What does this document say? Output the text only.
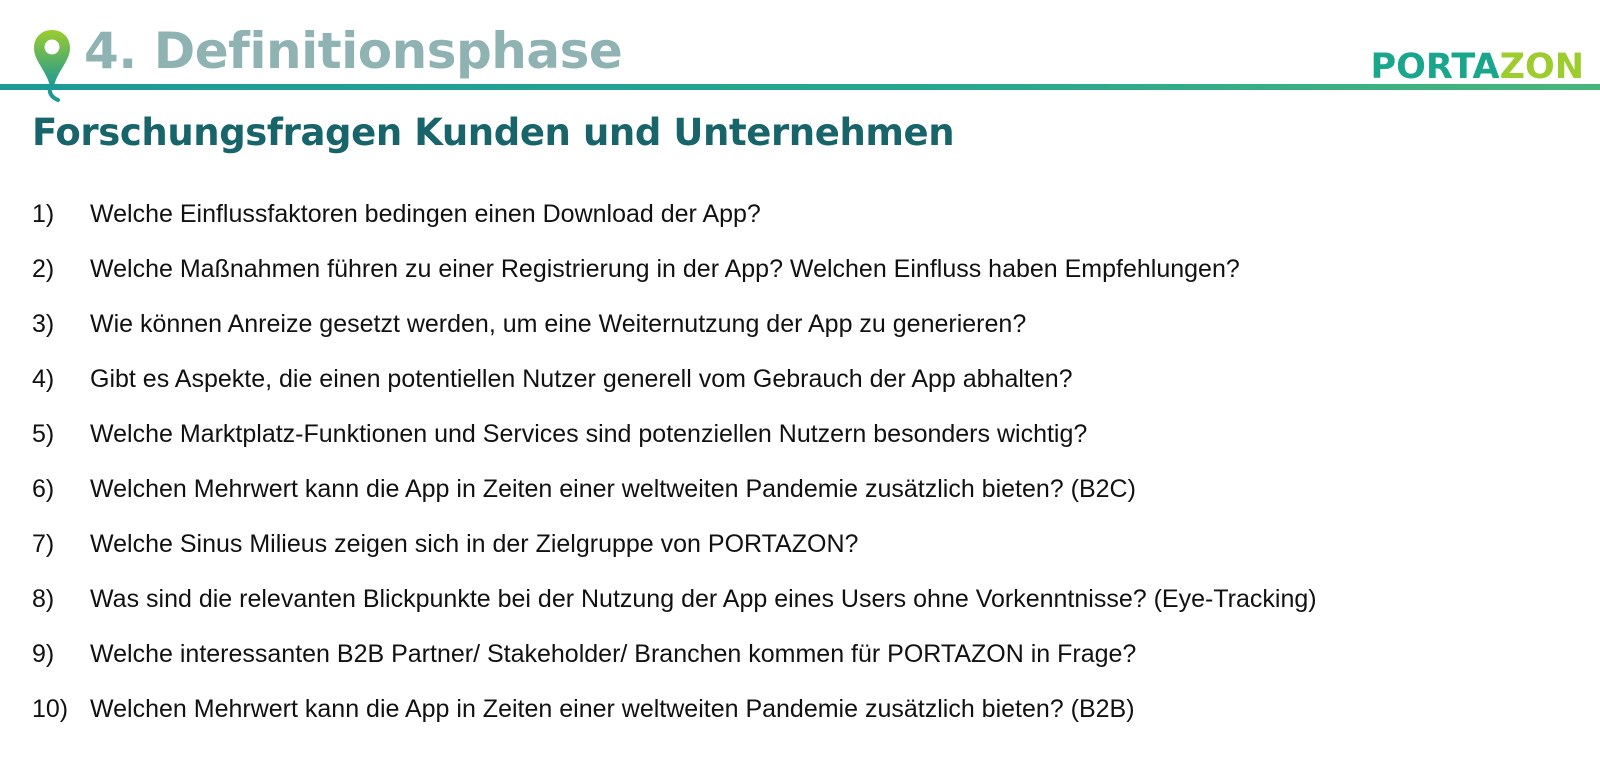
4. Definitionsphase	PORTAZON
Forschungsfragen Kunden und Unternehmen
1)	Welche Einflussfaktoren bedingen einen Download der App?
2)	Welche Maßnahmen führen zu einer Registrierung in der App? Welchen Einfluss haben Empfehlungen?
3)	Wie können Anreize gesetzt werden, um eine Weiternutzung der App zu generieren?
4)	Gibt es Aspekte, die einen potentiellen Nutzer generell vom Gebrauch der App abhalten?
5)	Welche Marktplatz-Funktionen und Services sind potenziellen Nutzern besonders wichtig?
6)	Welchen Mehrwert kann die App in Zeiten einer weltweiten Pandemie zusätzlich bieten? (B2C)
7)	Welche Sinus Milieus zeigen sich in der Zielgruppe von PORTAZON?
8)	Was sind die relevanten Blickpunkte bei der Nutzung der App eines Users ohne Vorkenntnisse? (Eye-Tracking)
9)	Welche interessanten B2B Partner/ Stakeholder/ Branchen kommen für PORTAZON in Frage?
10) Welchen Mehrwert kann die App in Zeiten einer weltweiten Pandemie zusätzlich bieten? (B2B)
